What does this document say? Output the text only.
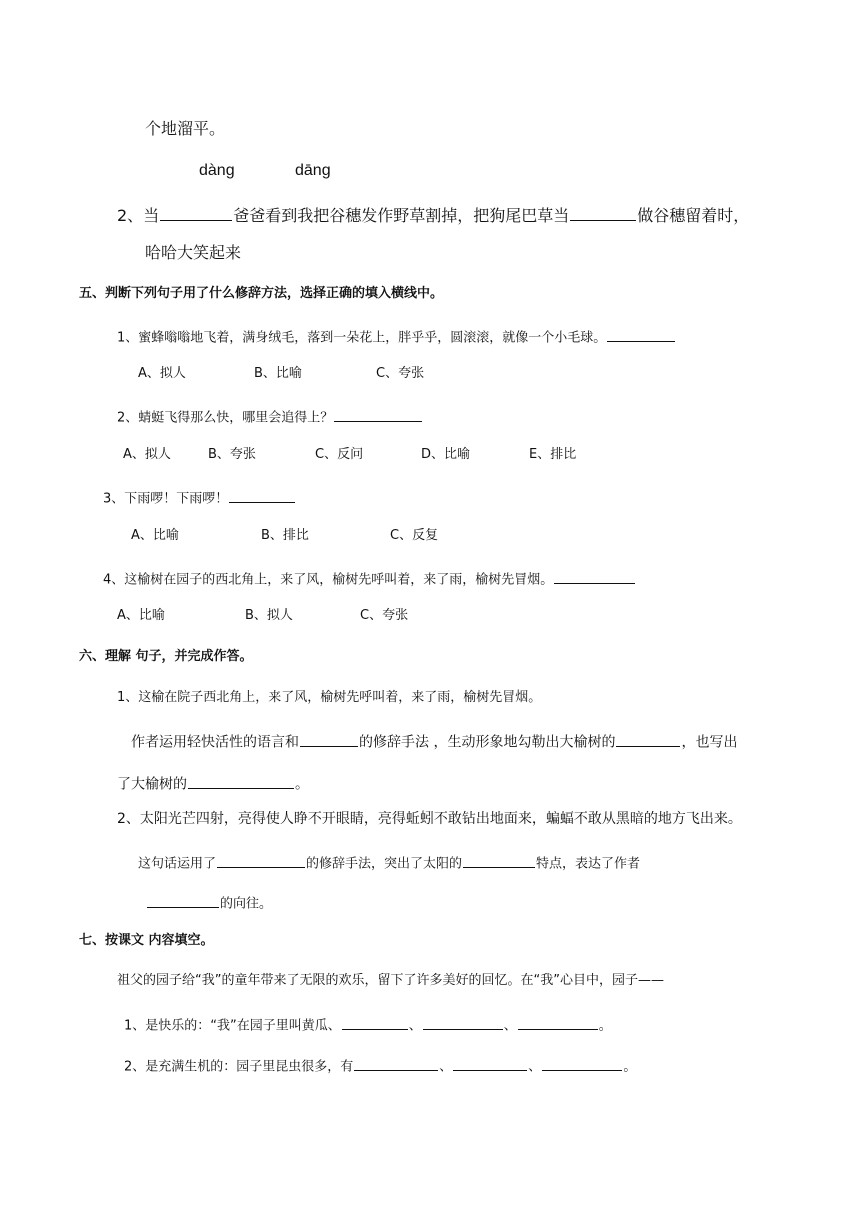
个地溜平。
dàng	dāng
2、当	爸爸看到我把谷穗发作野草割掉，把狗尾巴草当	做谷穗留着时，
哈哈大笑起来
五、判断下列句子用了什么修辞方法，选择正确的填入横线中。
1、蜜蜂嗡嗡地飞着，满身绒毛，落到一朵花上，胖乎乎，圆滚滚，就像一个小毛球。
A、拟人	B、比喻	C、夸张
2、蜻蜓飞得那么快，哪里会追得上？
A、拟人	B、夸张	C、反问	D、比喻	E、排比
3、下雨啰！下雨啰！
A、比喻	B、排比	C、反复
4、这榆树在园子的西北角上，来了风，榆树先呼叫着，来了雨，榆树先冒烟。
A、比喻	B、拟人	C、夸张
六、理解 句子，并完成作答。
1、这榆在院子西北角上，来了风，榆树先呼叫着，来了雨，榆树先冒烟。
作者运用轻快活性的语言和	的修辞手法 ，生动形象地勾勒出大榆树的	，也写出
了大榆树的	。
2、太阳光芒四射，亮得使人睁不开眼睛，亮得蚯蚓不敢钻出地面来，蝙蝠不敢从黑暗的地方飞出来。
这句话运用了	的修辞手法，突出了太阳的	特点，表达了作者
的向往。
七、按课文 内容填空。
祖父的园子给“我”的童年带来了无限的欢乐，留下了许多美好的回忆。在“我”心目中，园子——
1、是快乐的：“我”在园子里叫黄瓜、	、	、	。
2、是充满生机的：园子里昆虫很多，有	、	、	。
